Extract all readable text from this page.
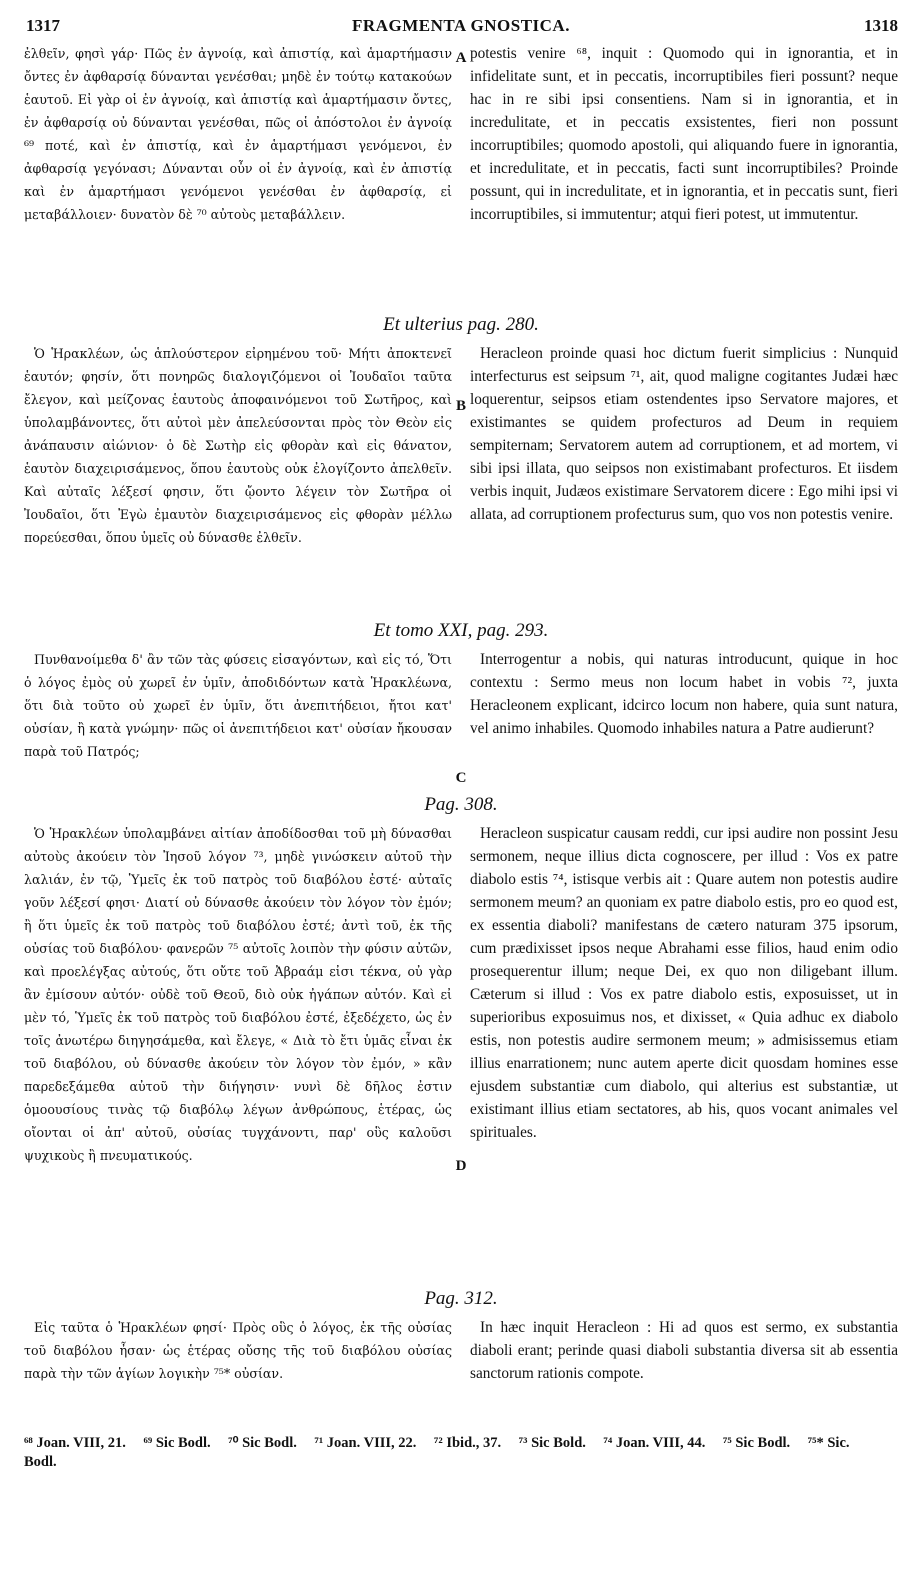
1317	FRAGMENTA GNOSTICA.	1318

ἐλθεῖν, φησὶ γάρ· Πῶς ἐν ἀγνοίᾳ, καὶ ἀπιστίᾳ, καὶ ἁμαρτήμασιν ὄντες ἐν ἀφθαρσίᾳ δύνανται γενέσθαι; μηδὲ ἐν τούτῳ κατακούων ἑαυτοῦ. Εἰ γὰρ οἱ ἐν ἀγνοίᾳ, καὶ ἀπιστίᾳ καὶ ἁμαρτήμασιν ὄντες, ἐν ἀφθαρσίᾳ οὐ δύνανται γενέσθαι, πῶς οἱ ἀπόστολοι ἐν ἀγνοίᾳ ⁶⁹ ποτέ, καὶ ἐν ἀπιστίᾳ, καὶ ἐν ἁμαρτήμασι γενόμενοι, ἐν ἀφθαρσίᾳ γεγόνασι; Δύνανται οὖν οἱ ἐν ἀγνοίᾳ, καὶ ἐν ἀπιστίᾳ καὶ ἐν ἁμαρτήμασι γενόμενοι γενέσθαι ἐν ἀφθαρσίᾳ, εἰ μεταβάλλοιεν· δυνατὸν δὲ ⁷⁰ αὐτοὺς μεταβάλλειν.

A potestis venire ⁶⁸, inquit : Quomodo qui in ignorantia, et in infidelitate sunt, et in peccatis, incorruptibiles fieri possunt? neque hac in re sibi ipsi consentiens. Nam si in ignorantia, et in incredulitate, et in peccatis exsistentes, fieri non possunt incorruptibiles; quomodo apostoli, qui aliquando fuere in ignorantia, et incredulitate, et in peccatis, facti sunt incorruptibiles? Proinde possunt, qui in incredulitate, et in ignorantia, et in peccatis sunt, fieri incorruptibiles, si immutentur; atqui fieri potest, ut immutentur.

Et ulterius pag. 280.

Ὁ Ἡρακλέων, ὡς ἁπλούστερον εἰρημένου τοῦ· Μήτι ἀποκτενεῖ ἑαυτόν; φησίν, ὅτι πονηρῶς διαλογιζόμενοι οἱ Ἰουδαῖοι ταῦτα ἔλεγον, καὶ μείζονας ἑαυτοὺς ἀποφαινόμενοι τοῦ Σωτῆρος, καὶ ὑπολαμβάνοντες, ὅτι αὐτοὶ μὲν ἀπελεύσονται πρὸς τὸν Θεὸν εἰς ἀνάπαυσιν αἰώνιον· ὁ δὲ Σωτὴρ εἰς φθορὰν καὶ εἰς θάνατον, ἑαυτὸν διαχειρισάμενος, ὅπου ἑαυτοὺς οὐκ ἐλογίζοντο ἀπελθεῖν. Καὶ αὐταῖς λέξεσί φησιν, ὅτι ᾤοντο λέγειν τὸν Σωτῆρα οἱ Ἰουδαῖοι, ὅτι Ἐγὼ ἐμαυτὸν διαχειρισάμενος εἰς φθορὰν μέλλω πορεύεσθαι, ὅπου ὑμεῖς οὐ δύνασθε ἐλθεῖν.

B

Heracleon proinde quasi hoc dictum fuerit simplicius : Nunquid interfecturus est seipsum ⁷¹, ait, quod maligne cogitantes Judæi hæc loquerentur, seipsos etiam ostendentes ipso Servatore majores, et existimantes se quidem profecturos ad Deum in requiem sempiternam; Servatorem autem ad corruptionem, et ad mortem, vi sibi ipsi illata, quo seipsos non existimabant profecturos. Et iisdem verbis inquit, Judæos existimare Servatorem dicere : Ego mihi ipsi vi allata, ad corruptionem profecturus sum, quo vos non potestis venire.

Et tomo XXI, pag. 293.

Πυνθανοίμεθα δ' ἂν τῶν τὰς φύσεις εἰσαγόντων, καὶ εἰς τό, Ὅτι ὁ λόγος ἐμὸς οὐ χωρεῖ ἐν ὑμῖν, ἀποδιδόντων κατὰ Ἡρακλέωνα, ὅτι διὰ τοῦτο οὐ χωρεῖ ἐν ὑμῖν, ὅτι ἀνεπιτήδειοι, ἤτοι κατ' οὐσίαν, ἢ κατὰ γνώμην· πῶς οἱ ἀνεπιτήδειοι κατ' οὐσίαν ἤκουσαν παρὰ τοῦ Πατρός;

C

Interrogentur a nobis, qui naturas introducunt, quique in hoc contextu : Sermo meus non locum habet in vobis ⁷², juxta Heracleonem explicant, idcirco locum non habere, quia sunt natura, vel animo inhabiles. Quomodo inhabiles natura a Patre audierunt?

Pag. 308.

Ὁ Ἡρακλέων ὑπολαμβάνει αἰτίαν ἀποδίδοσθαι τοῦ μὴ δύνασθαι αὐτοὺς ἀκούειν τὸν Ἰησοῦ λόγον ⁷³, μηδὲ γινώσκειν αὐτοῦ τὴν λαλιάν, ἐν τῷ, Ὑμεῖς ἐκ τοῦ πατρὸς τοῦ διαβόλου ἐστέ· αὐταῖς γοῦν λέξεσί φησι· Διατί οὐ δύνασθε ἀκούειν τὸν λόγον τὸν ἐμόν; ἢ ὅτι ὑμεῖς ἐκ τοῦ πατρὸς τοῦ διαβόλου ἐστέ; ἀντὶ τοῦ, ἐκ τῆς οὐσίας τοῦ διαβόλου· φανερῶν ⁷⁵ αὐτοῖς λοιπὸν τὴν φύσιν αὐτῶν, καὶ προελέγξας αὐτούς, ὅτι οὔτε τοῦ Ἀβραάμ εἰσι τέκνα, οὐ γὰρ ἂν ἐμίσουν αὐτόν· οὐδὲ τοῦ Θεοῦ, διὸ οὐκ ἠγάπων αὐτόν. Καὶ εἰ μὲν τό, Ὑμεῖς ἐκ τοῦ πατρὸς τοῦ διαβόλου ἐστέ, ἐξεδέχετο, ὡς ἐν τοῖς ἀνωτέρω διηγησάμεθα, καὶ ἔλεγε, « Διὰ τὸ ἔτι ὑμᾶς εἶναι ἐκ τοῦ διαβόλου, οὐ δύνασθε ἀκούειν τὸν λόγον τὸν ἐμόν, » κἂν παρεδεξάμεθα αὐτοῦ τὴν διήγησιν· νυνὶ δὲ δῆλος ἐστιν ὁμοουσίους τινὰς τῷ διαβόλῳ λέγων ἀνθρώπους, ἑτέρας, ὡς οἴονται οἱ ἀπ' αὐτοῦ, οὐσίας τυγχάνοντι, παρ' οὓς καλοῦσι ψυχικοὺς ἢ πνευματικούς.

D

Heracleon suspicatur causam reddi, cur ipsi audire non possint Jesu sermonem, neque illius dicta cognoscere, per illud : Vos ex patre diabolo estis ⁷⁴, istisque verbis ait : Quare autem non potestis audire sermonem meum? an quoniam ex patre diabolo estis, pro eo quod est, ex essentia diaboli? manifestans de cætero naturam 375 ipsorum, cum prædixisset ipsos neque Abrahami esse filios, haud enim odio prosequerentur illum; neque Dei, ex quo non diligebant illum. Cæterum si illud : Vos ex patre diabolo estis, exposuisset, ut in superioribus exposuimus nos, et dixisset, « Quia adhuc ex diabolo estis, non potestis audire sermonem meum; » admisissemus etiam illius enarrationem; nunc autem aperte dicit quosdam homines esse ejusdem substantiæ cum diabolo, qui alterius est substantiæ, ut existimant illius etiam sectatores, ab his, quos vocant animales vel spirituales.

Pag. 312.

Εἰς ταῦτα ὁ Ἡρακλέων φησί· Πρὸς οὓς ὁ λόγος, ἐκ τῆς οὐσίας τοῦ διαβόλου ἦσαν· ὡς ἑτέρας οὔσης τῆς τοῦ διαβόλου οὐσίας παρὰ τὴν τῶν ἁγίων λογικὴν ⁷⁵* οὐσίαν.

In hæc inquit Heracleon : Hi ad quos est sermo, ex substantia diaboli erant; perinde quasi diaboli substantia diversa sit ab essentia sanctorum rationis compote.

⁶⁸ Joan. VIII, 21. ⁶⁹ Sic Bodl. ⁷⁰ Sic Bodl. ⁷¹ Joan. VIII, 22. ⁷² Ibid., 37. ⁷³ Sic Bold. ⁷⁴ Joan. VIII, 44. ⁷⁵ Sic Bodl. ⁷⁵* Sic. Bodl.
